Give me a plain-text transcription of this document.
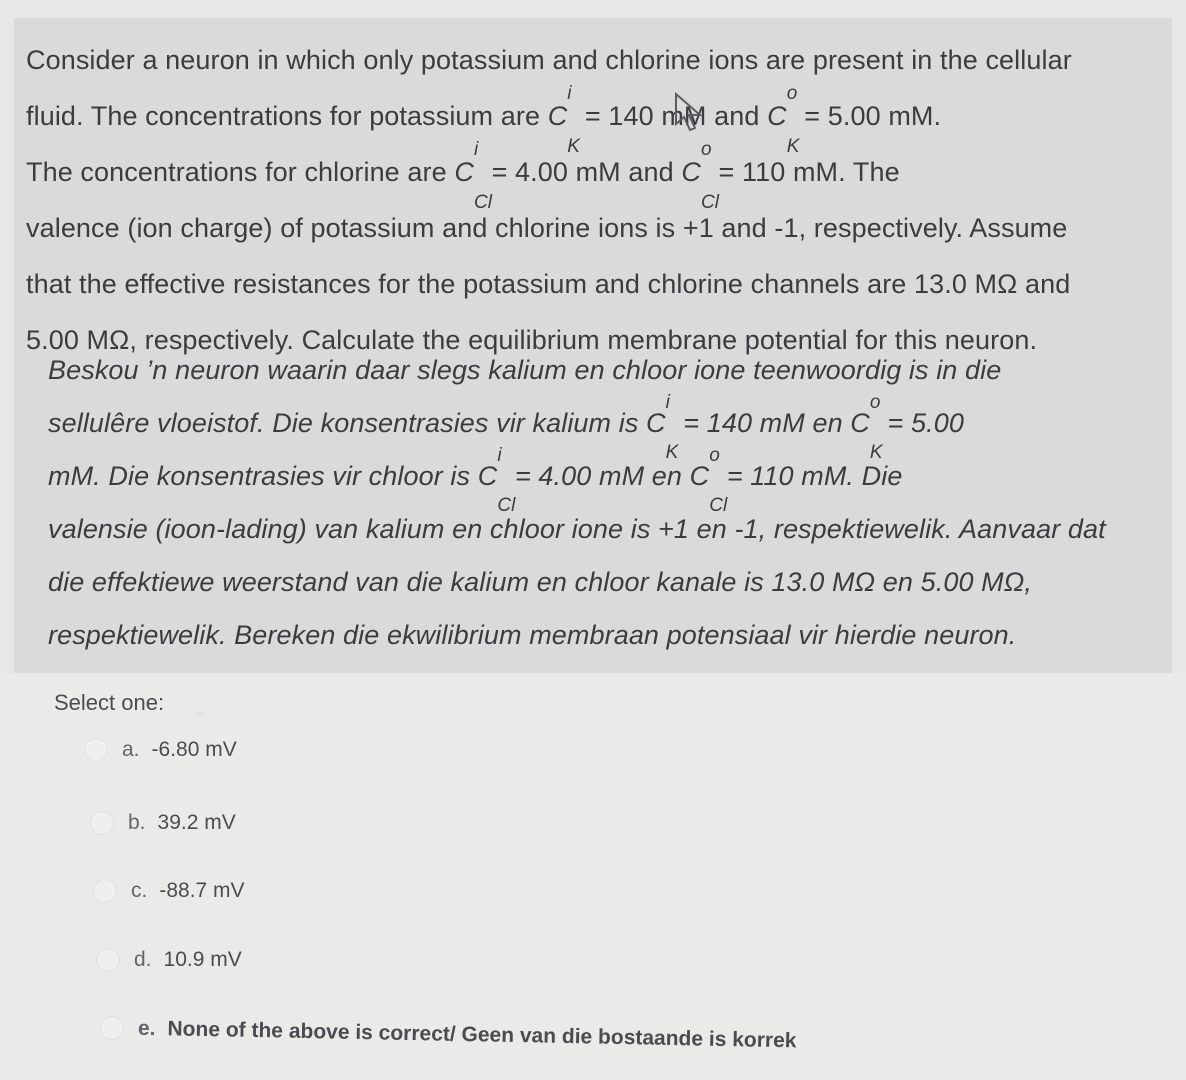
Consider a neuron in which only potassium and chlorine ions are present in the cellular
fluid. The concentrations for potassium are C
i
K
= 140 mM and C
o
K
= 5.00 mM.
The concentrations for chlorine are C
i
Cl
= 4.00 mM and C
o
Cl
= 110 mM. The
valence (ion charge) of potassium and chlorine ions is +1 and -1, respectively. Assume
that the effective resistances for the potassium and chlorine channels are 13.0 MΩ and
5.00 MΩ, respectively. Calculate the equilibrium membrane potential for this neuron.
Beskou ’n neuron waarin daar slegs kalium en chloor ione teenwoordig is in die
sellulêre vloeistof. Die konsentrasies vir kalium is C
i
K
= 140 mM en C
o
K
= 5.00
mM. Die konsentrasies vir chloor is C
i
Cl
= 4.00 mM en C
o
Cl
= 110 mM. Die
valensie (ioon-lading) van kalium en chloor ione is +1 en -1, respektiewelik. Aanvaar dat
die effektiewe weerstand van die kalium en chloor kanale is 13.0 MΩ en 5.00 MΩ,
respektiewelik. Bereken die ekwilibrium membraan potensiaal vir hierdie neuron.
Select one:
a. -6.80 mV
b. 39.2 mV
c. -88.7 mV
d. 10.9 mV
e. None of the above is correct/ Geen van die bostaande is korrek
